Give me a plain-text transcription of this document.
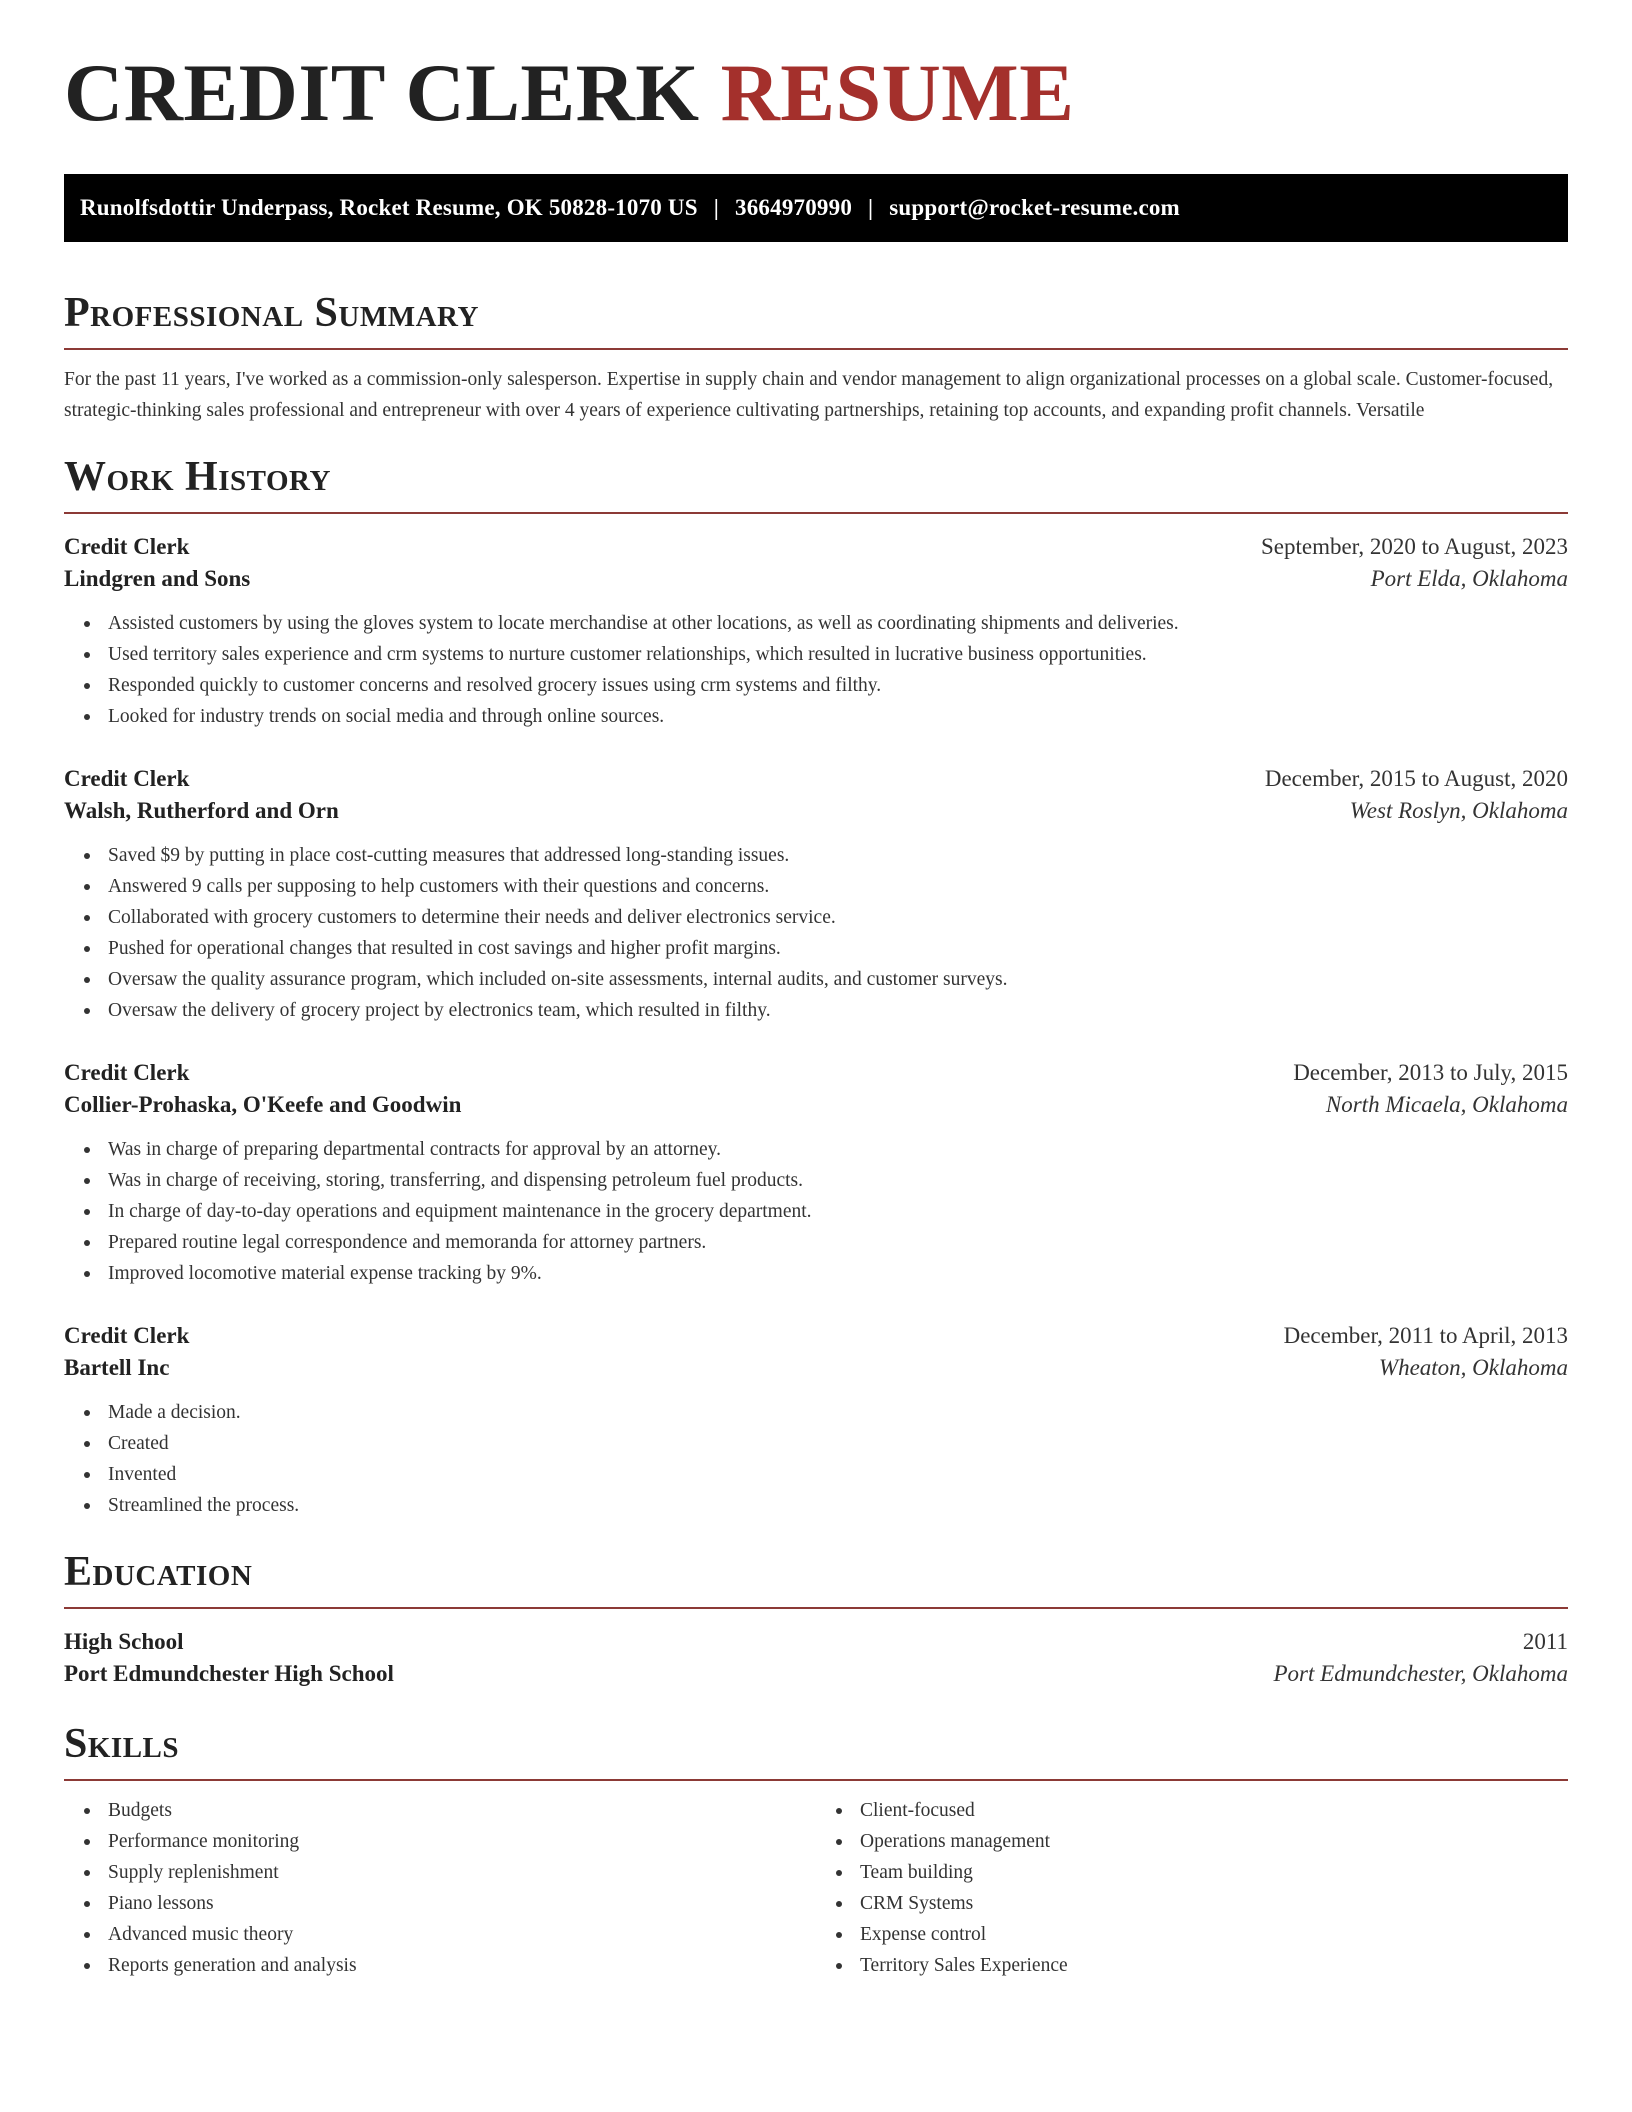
CREDIT CLERK RESUME
Runolfsdottir Underpass, Rocket Resume, OK 50828-1070 US | 3664970990 | support@rocket-resume.com
Professional Summary

For the past 11 years, I've worked as a commission-only salesperson. Expertise in supply chain and vendor management to align organizational processes on a global scale. Customer-focused, strategic-thinking sales professional and entrepreneur with over 4 years of experience cultivating partnerships, retaining top accounts, and expanding profit channels. Versatile

Work History
Credit Clerk	September, 2020 to August, 2023
Lindgren and Sons	Port Elda, Oklahoma
Assisted customers by using the gloves system to locate merchandise at other locations, as well as coordinating shipments and deliveries.
Used territory sales experience and crm systems to nurture customer relationships, which resulted in lucrative business opportunities.
Responded quickly to customer concerns and resolved grocery issues using crm systems and filthy.
Looked for industry trends on social media and through online sources.
Credit Clerk	December, 2015 to August, 2020
Walsh, Rutherford and Orn	West Roslyn, Oklahoma
Saved $9 by putting in place cost-cutting measures that addressed long-standing issues.
Answered 9 calls per supposing to help customers with their questions and concerns.
Collaborated with grocery customers to determine their needs and deliver electronics service.
Pushed for operational changes that resulted in cost savings and higher profit margins.
Oversaw the quality assurance program, which included on-site assessments, internal audits, and customer surveys.
Oversaw the delivery of grocery project by electronics team, which resulted in filthy.
Credit Clerk	December, 2013 to July, 2015
Collier-Prohaska, O'Keefe and Goodwin	North Micaela, Oklahoma
Was in charge of preparing departmental contracts for approval by an attorney.
Was in charge of receiving, storing, transferring, and dispensing petroleum fuel products.
In charge of day-to-day operations and equipment maintenance in the grocery department.
Prepared routine legal correspondence and memoranda for attorney partners.
Improved locomotive material expense tracking by 9%.
Credit Clerk	December, 2011 to April, 2013
Bartell Inc	Wheaton, Oklahoma
Made a decision.
Created
Invented
Streamlined the process.
Education
High School	2011
Port Edmundchester High School	Port Edmundchester, Oklahoma
Skills
Budgets
Performance monitoring
Supply replenishment
Piano lessons
Advanced music theory
Reports generation and analysis
Client-focused
Operations management
Team building
CRM Systems
Expense control
Territory Sales Experience
